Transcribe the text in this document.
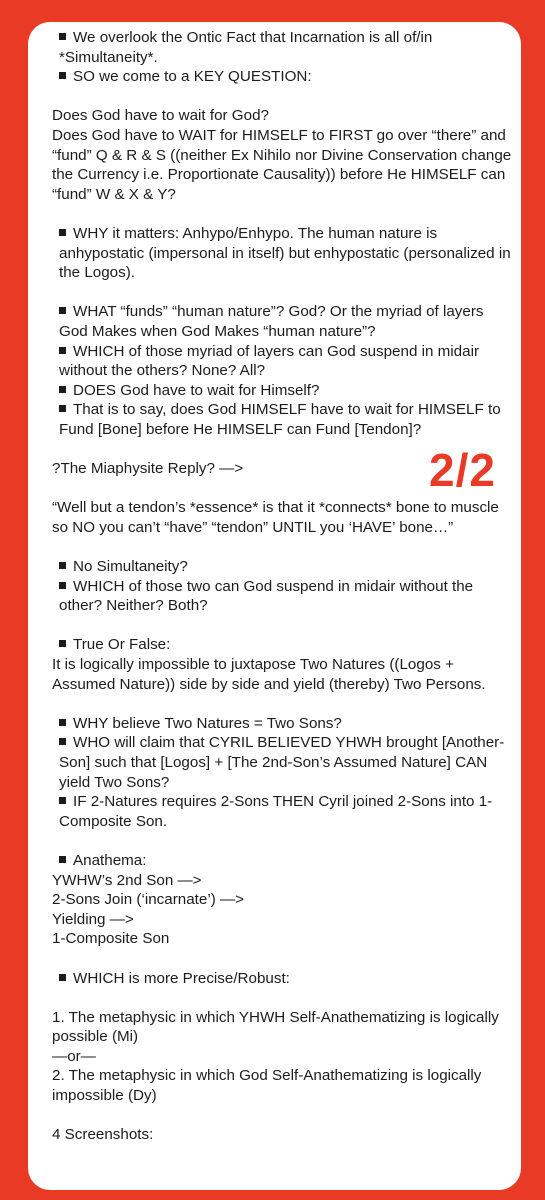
We overlook the Ontic Fact that Incarnation is all of/in *Simultaneity*.
SO we come to a KEY QUESTION:
Does God have to wait for God?
Does God have to WAIT for HIMSELF to FIRST go over “there” and “fund” Q & R & S ((neither Ex Nihilo nor Divine Conservation change the Currency i.e. Proportionate Causality)) before He HIMSELF can “fund” W & X & Y?
WHY it matters: Anhypo/Enhypo. The human nature is anhypostatic (impersonal in itself) but enhypostatic (personalized in the Logos).
WHAT “funds” “human nature”? God? Or the myriad of layers God Makes when God Makes “human nature”?
WHICH of those myriad of layers can God suspend in midair without the others? None? All?
DOES God have to wait for Himself?
That is to say, does God HIMSELF have to wait for HIMSELF to Fund [Bone] before He HIMSELF can Fund [Tendon]?
?The Miaphysite Reply? —>
“Well but a tendon’s *essence* is that it *connects* bone to muscle so NO you can’t “have” “tendon” UNTIL you ‘HAVE’ bone…”
No Simultaneity?
WHICH of those two can God suspend in midair without the other? Neither? Both?
True Or False:
It is logically impossible to juxtapose Two Natures ((Logos + Assumed Nature)) side by side and yield (thereby) Two Persons.
WHY believe Two Natures = Two Sons?
WHO will claim that CYRIL BELIEVED YHWH brought [Another-Son] such that [Logos] + [The 2nd-Son’s Assumed Nature] CAN yield Two Sons?
IF 2-Natures requires 2-Sons THEN Cyril joined 2-Sons into 1-Composite Son.
Anathema:
YWHW’s 2nd Son —>
2-Sons Join (‘incarnate’) —>
Yielding —>
1-Composite Son
WHICH is more Precise/Robust:
1. The metaphysic in which YHWH Self-Anathematizing is logically possible (Mi)
—or—
2. The metaphysic in which God Self-Anathematizing is logically impossible (Dy)
4 Screenshots:
2/2
